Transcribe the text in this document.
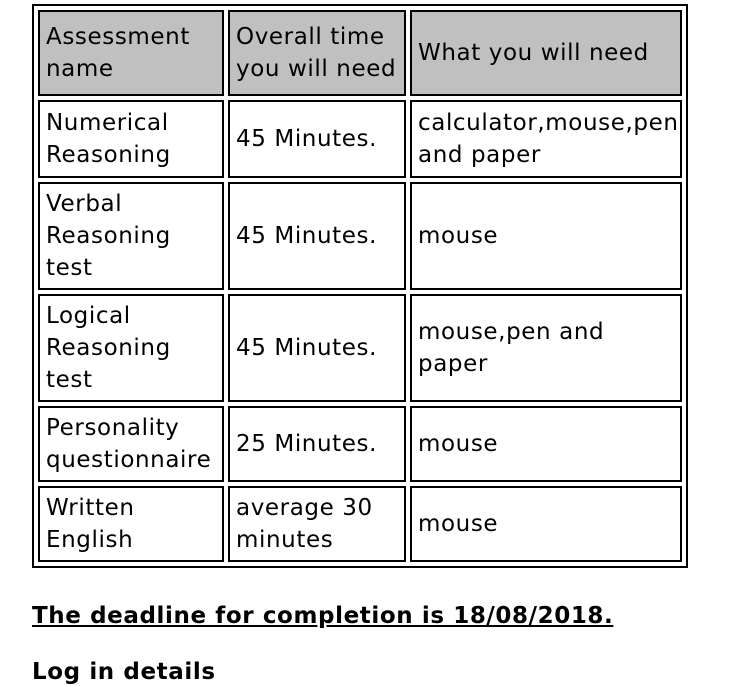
Assessment name	Overall time you will need	What you will need
Numerical Reasoning	45 Minutes.	calculator,mouse,pen and paper
Verbal Reasoning test	45 Minutes.	mouse
Logical Reasoning test	45 Minutes.	mouse,pen and paper
Personality questionnaire	25 Minutes.	mouse
Written English	average 30 minutes	mouse

The deadline for completion is 18/08/2018.

Log in details
